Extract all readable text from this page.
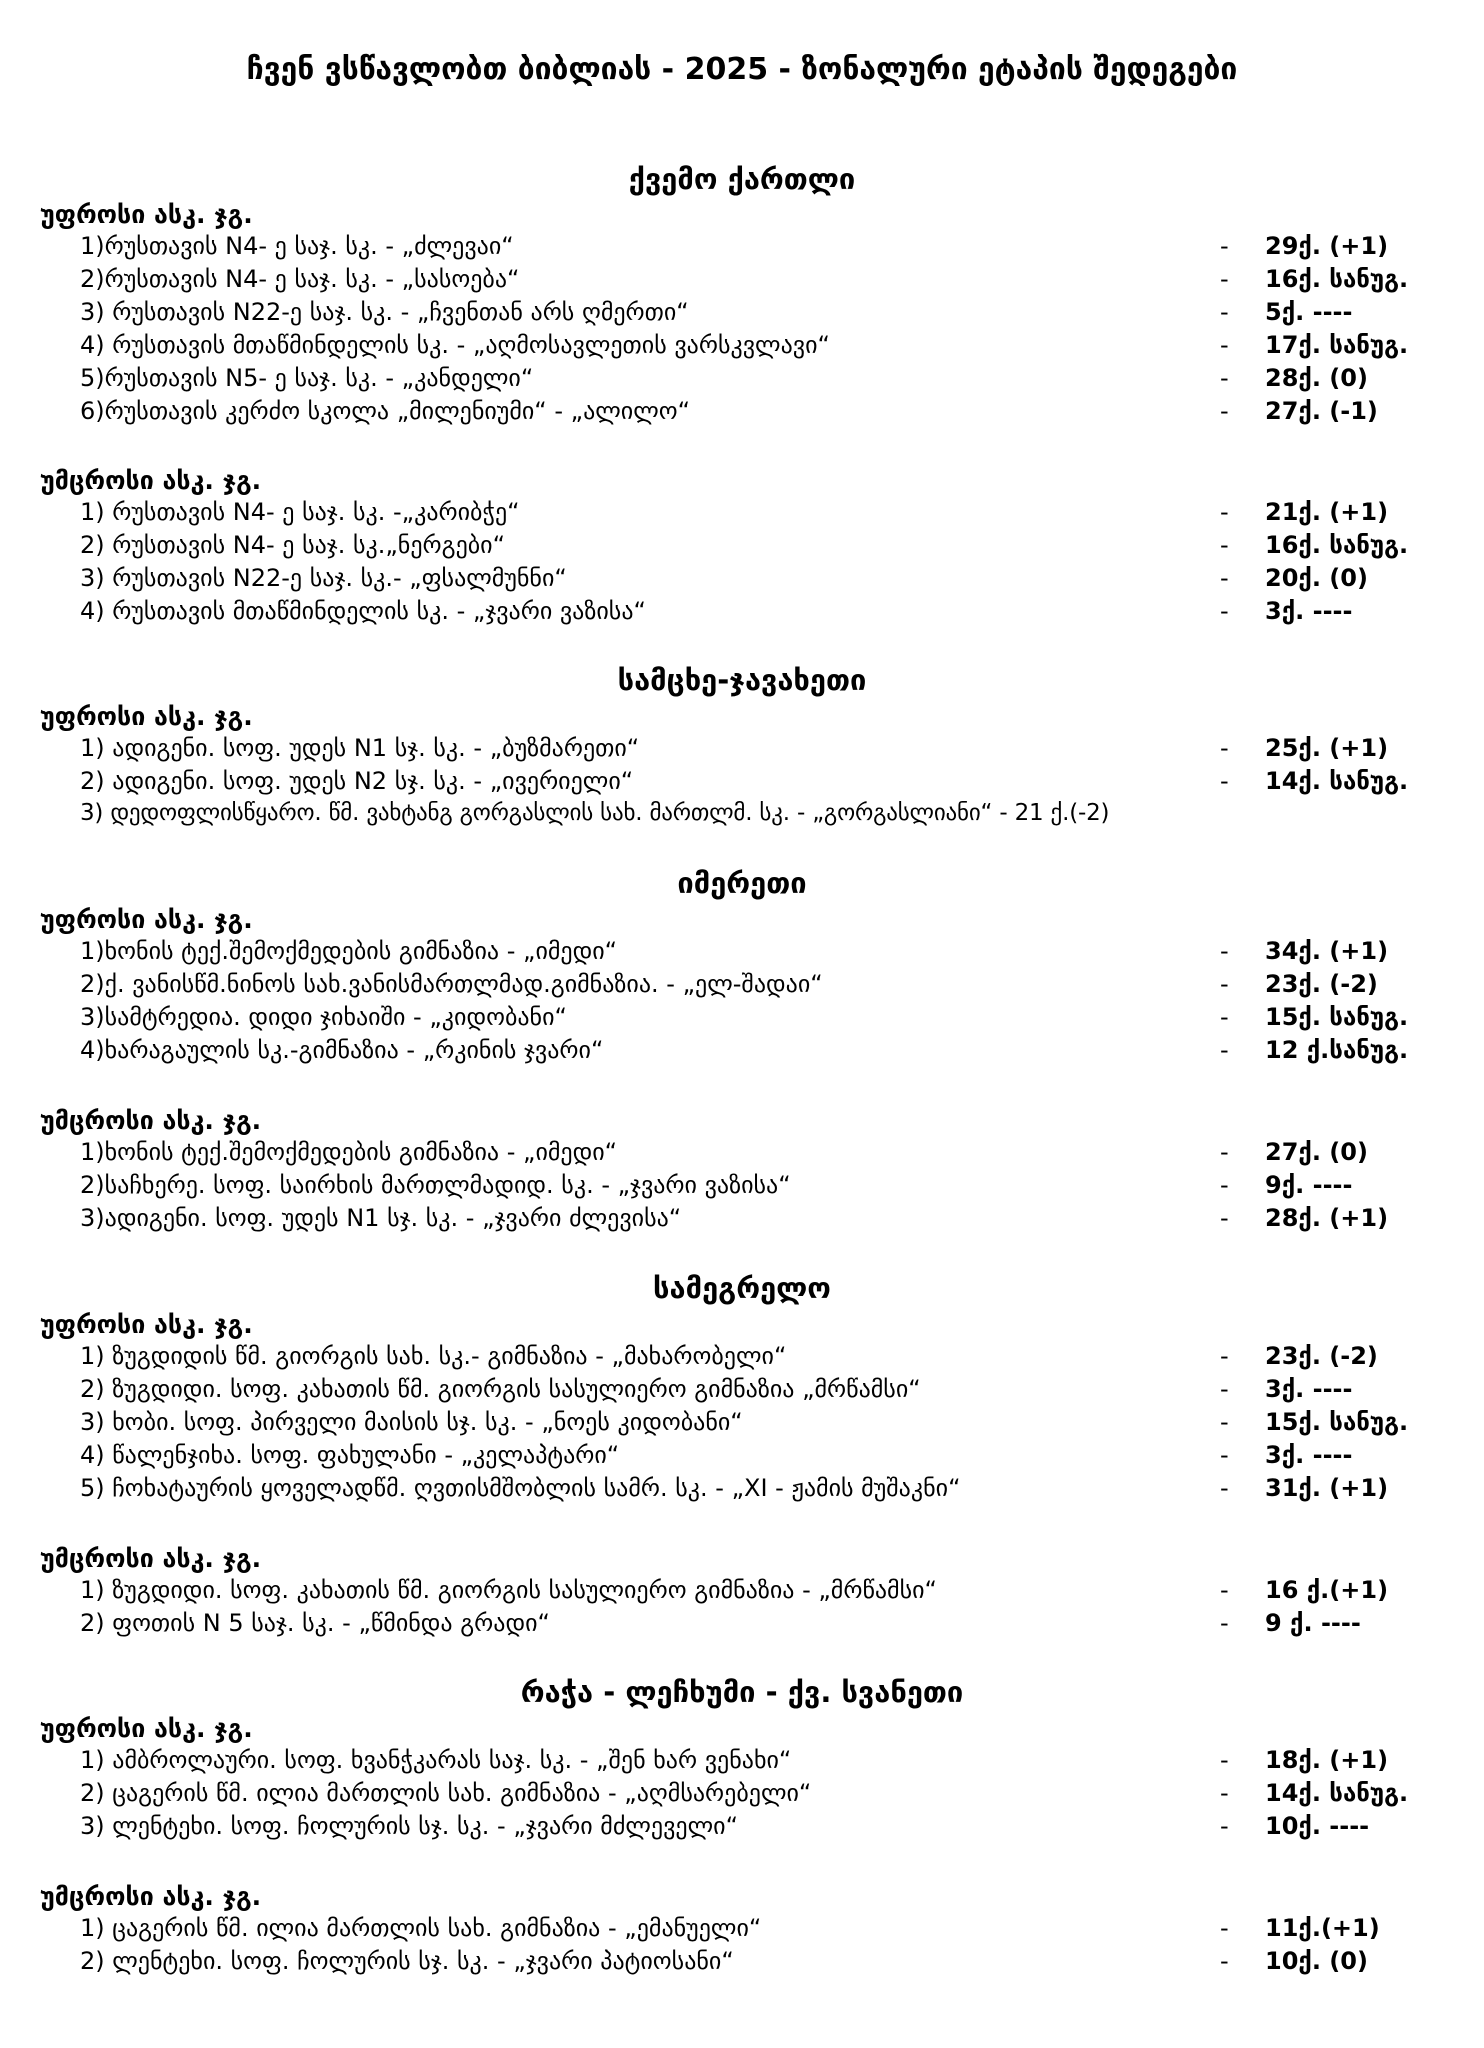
ჩვენ ვსწავლობთ ბიბლიას - 2025 - ზონალური ეტაპის შედეგები
ქვემო ქართლი
უფროსი ასკ. ჯგ.
1)რუსთავის N4- ე საჯ. სკ. - „ძლევაი“	- 29ქ. (+1)
2)რუსთავის N4- ე საჯ. სკ. - „სასოება“	- 16ქ. სანუგ.
3) რუსთავის N22-ე საჯ. სკ. - „ჩვენთან არს ღმერთი“	- 5ქ. ----
4) რუსთავის მთაწმინდელის სკ. - „აღმოსავლეთის ვარსკვლავი“	- 17ქ. სანუგ.
5)რუსთავის N5- ე საჯ. სკ. - „კანდელი“	- 28ქ. (0)
6)რუსთავის კერძო სკოლა „მილენიუმი“ - „ალილო“	- 27ქ. (-1)
უმცროსი ასკ. ჯგ.
1) რუსთავის N4- ე საჯ. სკ. -„კარიბჭე“	- 21ქ. (+1)
2) რუსთავის N4- ე საჯ. სკ.„ნერგები“	- 16ქ. სანუგ.
3) რუსთავის N22-ე საჯ. სკ.- „ფსალმუნნი“	- 20ქ. (0)
4) რუსთავის მთაწმინდელის სკ. - „ჯვარი ვაზისა“	- 3ქ. ----
სამცხე-ჯავახეთი
უფროსი ასკ. ჯგ.
1) ადიგენი. სოფ. უდეს N1 სჯ. სკ. - „ბუზმარეთი“	- 25ქ. (+1)
2) ადიგენი. სოფ. უდეს N2 სჯ. სკ. - „ივერიელი“	- 14ქ. სანუგ.
3) დედოფლისწყარო. წმ. ვახტანგ გორგასლის სახ. მართლმ. სკ. - „გორგასლიანი“ - 21 ქ.(-2)
იმერეთი
უფროსი ასკ. ჯგ.
1)ხონის ტექ.შემოქმედების გიმნაზია - „იმედი“	- 34ქ. (+1)
2)ქ. ვანისწმ.ნინოს სახ.ვანისმართლმად.გიმნაზია. - „ელ-შადაი“	- 23ქ. (-2)
3)სამტრედია. დიდი ჯიხაიში - „კიდობანი“	- 15ქ. სანუგ.
4)ხარაგაულის სკ.-გიმნაზია - „რკინის ჯვარი“	- 12 ქ.სანუგ.
უმცროსი ასკ. ჯგ.
1)ხონის ტექ.შემოქმედების გიმნაზია - „იმედი“	- 27ქ. (0)
2)საჩხერე. სოფ. საირხის მართლმადიდ. სკ. - „ჯვარი ვაზისა“	- 9ქ. ----
3)ადიგენი. სოფ. უდეს N1 სჯ. სკ. - „ჯვარი ძლევისა“	- 28ქ. (+1)
სამეგრელო
უფროსი ასკ. ჯგ.
1) ზუგდიდის წმ. გიორგის სახ. სკ.- გიმნაზია - „მახარობელი“	- 23ქ. (-2)
2) ზუგდიდი. სოფ. კახათის წმ. გიორგის სასულიერო გიმნაზია „მრწამსი“	- 3ქ. ----
3) ხობი. სოფ. პირველი მაისის სჯ. სკ. - „ნოეს კიდობანი“	- 15ქ. სანუგ.
4) წალენჯიხა. სოფ. ფახულანი - „კელაპტარი“	- 3ქ. ----
5) ჩოხატაურის ყოველადწმ. ღვთისმშობლის სამრ. სკ. - „XI - ჟამის მუშაკნი“	- 31ქ. (+1)
უმცროსი ასკ. ჯგ.
1) ზუგდიდი. სოფ. კახათის წმ. გიორგის სასულიერო გიმნაზია - „მრწამსი“	- 16 ქ.(+1)
2) ფოთის N 5 საჯ. სკ. - „წმინდა გრადი“	- 9 ქ. ----
რაჭა - ლეჩხუმი - ქვ. სვანეთი
უფროსი ასკ. ჯგ.
1) ამბროლაური. სოფ. ხვანჭკარას საჯ. სკ. - „შენ ხარ ვენახი“	- 18ქ. (+1)
2) ცაგერის წმ. ილია მართლის სახ. გიმნაზია - „აღმსარებელი“	- 14ქ. სანუგ.
3) ლენტეხი. სოფ. ჩოლურის სჯ. სკ. - „ჯვარი მძლეველი“	- 10ქ. ----
უმცროსი ასკ. ჯგ.
1) ცაგერის წმ. ილია მართლის სახ. გიმნაზია - „ემანუელი“	- 11ქ.(+1)
2) ლენტეხი. სოფ. ჩოლურის სჯ. სკ. - „ჯვარი პატიოსანი“	- 10ქ. (0)
